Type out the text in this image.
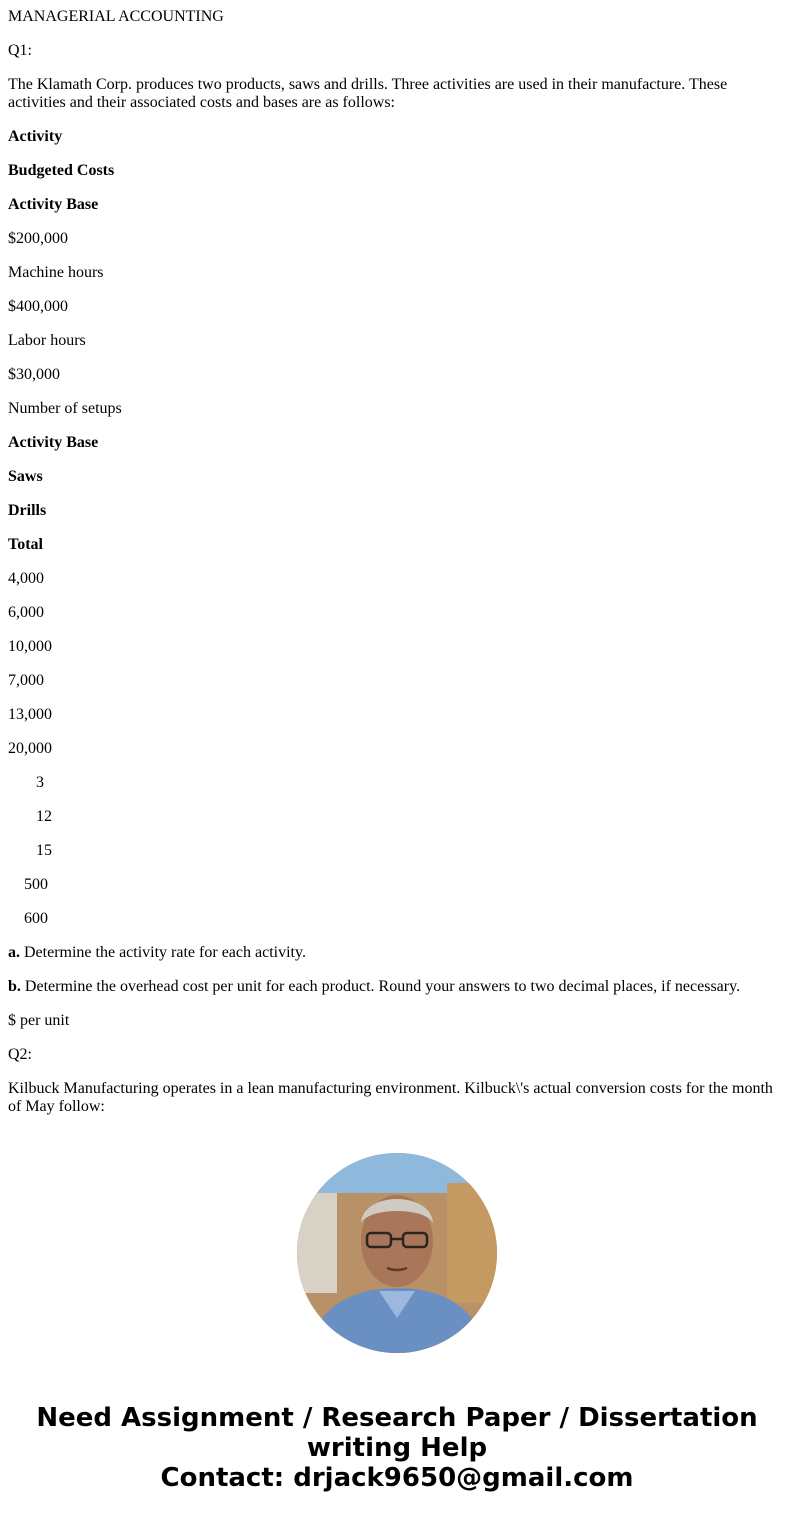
MANAGERIAL ACCOUNTING

Q1:

The Klamath Corp. produces two products, saws and drills. Three activities are used in their manufacture. These activities and their associated costs and bases are as follows:

Activity

Budgeted Costs

Activity Base

$200,000

Machine hours

$400,000

Labor hours

$30,000

Number of setups

Activity Base

Saws

Drills

Total

4,000

6,000

10,000

7,000

13,000

20,000

3

12

15

500

600

a. Determine the activity rate for each activity.

b. Determine the overhead cost per unit for each product. Round your answers to two decimal places, if necessary.

$ per unit

Q2:

Kilbuck Manufacturing operates in a lean manufacturing environment. Kilbuck\'s actual conversion costs for the month of May follow:

Need Assignment / Research Paper / Dissertation
writing Help
Contact: drjack9650@gmail.com
